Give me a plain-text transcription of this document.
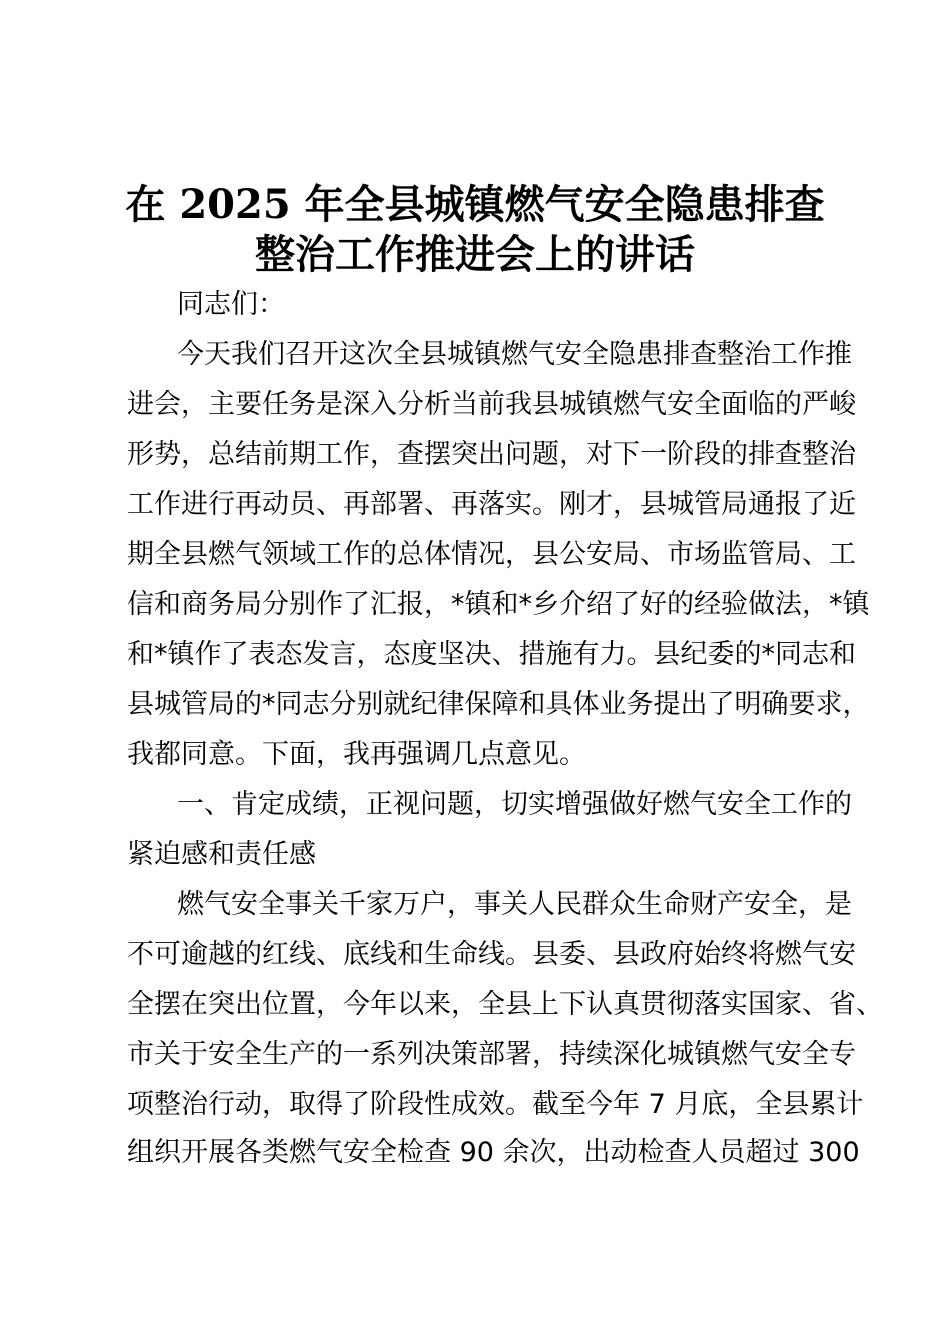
在 2025 年全县城镇燃气安全隐患排查
整治工作推进会上的讲话
同志们：
今天我们召开这次全县城镇燃气安全隐患排查整治工作推
进会，主要任务是深入分析当前我县城镇燃气安全面临的严峻
形势，总结前期工作，查摆突出问题，对下一阶段的排查整治
工作进行再动员、再部署、再落实。刚才，县城管局通报了近
期全县燃气领域工作的总体情况，县公安局、市场监管局、工
信和商务局分别作了汇报，*镇和*乡介绍了好的经验做法，*镇
和*镇作了表态发言，态度坚决、措施有力。县纪委的*同志和
县城管局的*同志分别就纪律保障和具体业务提出了明确要求，
我都同意。下面，我再强调几点意见。
一、肯定成绩，正视问题，切实增强做好燃气安全工作的
紧迫感和责任感
燃气安全事关千家万户，事关人民群众生命财产安全，是
不可逾越的红线、底线和生命线。县委、县政府始终将燃气安
全摆在突出位置，今年以来，全县上下认真贯彻落实国家、省、
市关于安全生产的一系列决策部署，持续深化城镇燃气安全专
项整治行动，取得了阶段性成效。截至今年 7 月底，全县累计
组织开展各类燃气安全检查 90 余次，出动检查人员超过 300
